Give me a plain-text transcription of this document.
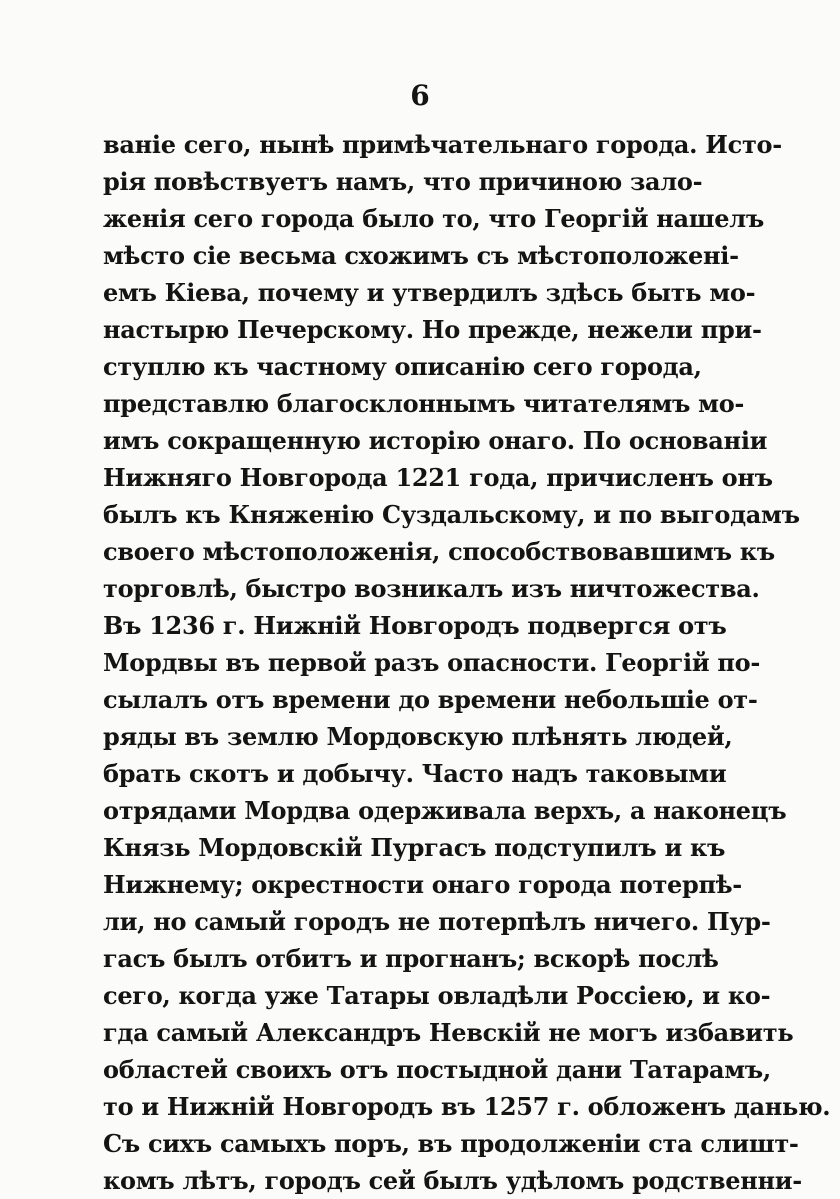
6
ваніе сего, нынѣ примѣчательнаго города. Исто-
рія повѣствуетъ намъ, что причиною зало-
женія сего города было то, что Георгій нашелъ
мѣсто сіе весьма схожимъ съ мѣстоположені-
емъ Кіева, почему и утвердилъ здѣсь быть мо-
настырю Печерскому. Но прежде, нежели при-
ступлю къ частному описанію сего города,
представлю благосклоннымъ читателямъ мо-
имъ сокращенную исторію онаго. По основаніи
Нижняго Новгорода 1221 года, причисленъ онъ
былъ къ Княженію Суздальскому, и по выгодамъ
своего мѣстоположенія, способствовавшимъ къ
торговлѣ, быстро возникалъ изъ ничтожества.
Въ 1236 г. Нижній Новгородъ подвергся отъ
Мордвы въ первой разъ опасности. Георгій по-
сылалъ отъ времени до времени небольшіе от-
ряды въ землю Мордовскую плѣнять людей,
брать скотъ и добычу. Часто надъ таковыми
отрядами Мордва одерживала верхъ, а наконецъ
Князь Мордовскій Пургасъ подступилъ и къ
Нижнему; окрестности онаго города потерпѣ-
ли, но самый городъ не потерпѣлъ ничего. Пур-
гасъ былъ отбитъ и прогнанъ; вскорѣ послѣ
сего, когда уже Татары овладѣли Россіею, и ко-
гда самый Александръ Невскій не могъ избавить
областей своихъ отъ постыдной дани Татарамъ,
то и Нижній Новгородъ въ 1257 г. обложенъ данью.
Съ сихъ самыхъ поръ, въ продолженіи ста слишт-
комъ лѣтъ, городъ сей былъ удѣломъ родственни-
